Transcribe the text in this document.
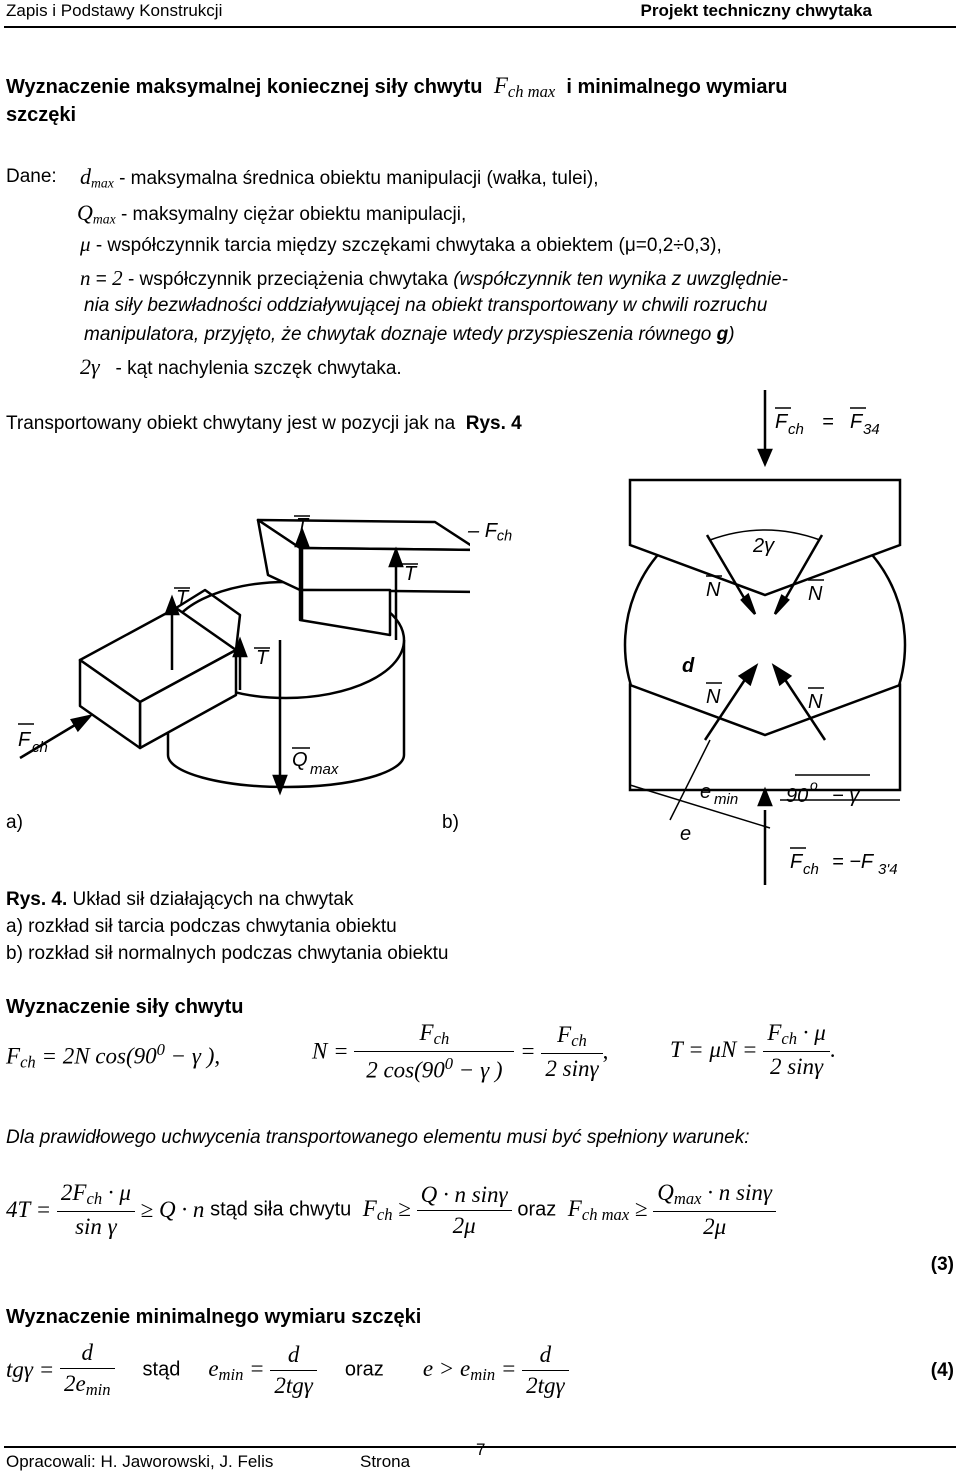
Zapis i Podstawy Konstrukcji	Projekt techniczny chwytaka
Wyznaczenie maksymalnej koniecznej siły chwytu  $F_{ch max}$ i minimalnego wymiaru
szczęki
Dane: $d_{max}$ - maksymalna średnica obiektu manipulacji (wałka, tulei),
$Q_{max}$ - maksymalny ciężar obiektu manipulacji,
μ - współczynnik tarcia między szczękami chwytaka a obiektem (μ=0,2÷0,3),
n = 2 - współczynnik przeciążenia chwytaka (współczynnik ten wynika z uwzględnie-
nia siły bezwładności oddziaływującej na obiekt transportowany w chwili rozruchu
manipulatora, przyjęto, że chwytak doznaje wtedy przyspieszenia równego g)
2γ - kąt nachylenia szczęk chwytaka.
Transportowany obiekt chwytany jest w pozycji jak na Rys. 4
T
T
T
T
F ch
Q max
– $F_{ch}$
F ch = F 34
2γ
N	N
N	N
d
e min 90 o − γ
e
F ch = −F 3'4
a)	b)
Rys. 4. Układ sił działających na chwytak
a) rozkład sił tarcia podczas chwytania obiektu
b) rozkład sił normalnych podczas chwytania obiektu
Wyznaczenie siły chwytu
$F_{ch} = 2N$ $\cos(90^0 - \gamma$ ),	$N = \frac{F_{ch}}{2 \cos(90^0 - \gamma )} = \frac{F_{ch}}{2 \sin\gamma}$ ,	$T = \mu N = \frac{F_{ch} \cdot \mu}{2 \sin\gamma}$ .
Dla prawidłowego uchwycenia transportowanego elementu musi być spełniony warunek:
$4T = \frac{2F_{ch} \cdot \mu}{\text{sin γ}} \ge Q \cdot n$ stąd siła chwytu  $F_{ch} \ge \frac{\text{Q · n sinγ}}{2\mu}$ oraz  $F_{ch max} \ge \frac{Q_{max} \cdot n \sin\gamma}{2\mu}$
(3)
Wyznaczenie minimalnego wymiaru szczęki
$tg\gamma = \frac{d}{2e_{min}}$ stąd $e_{min} = \frac{d}{\text{2tgγ}}$ oraz $e > e_{min} = \frac{d}{\text{2tgγ}}$	(4)
Opracowali: H. Jaworowski, J. Felis	Strona
7
